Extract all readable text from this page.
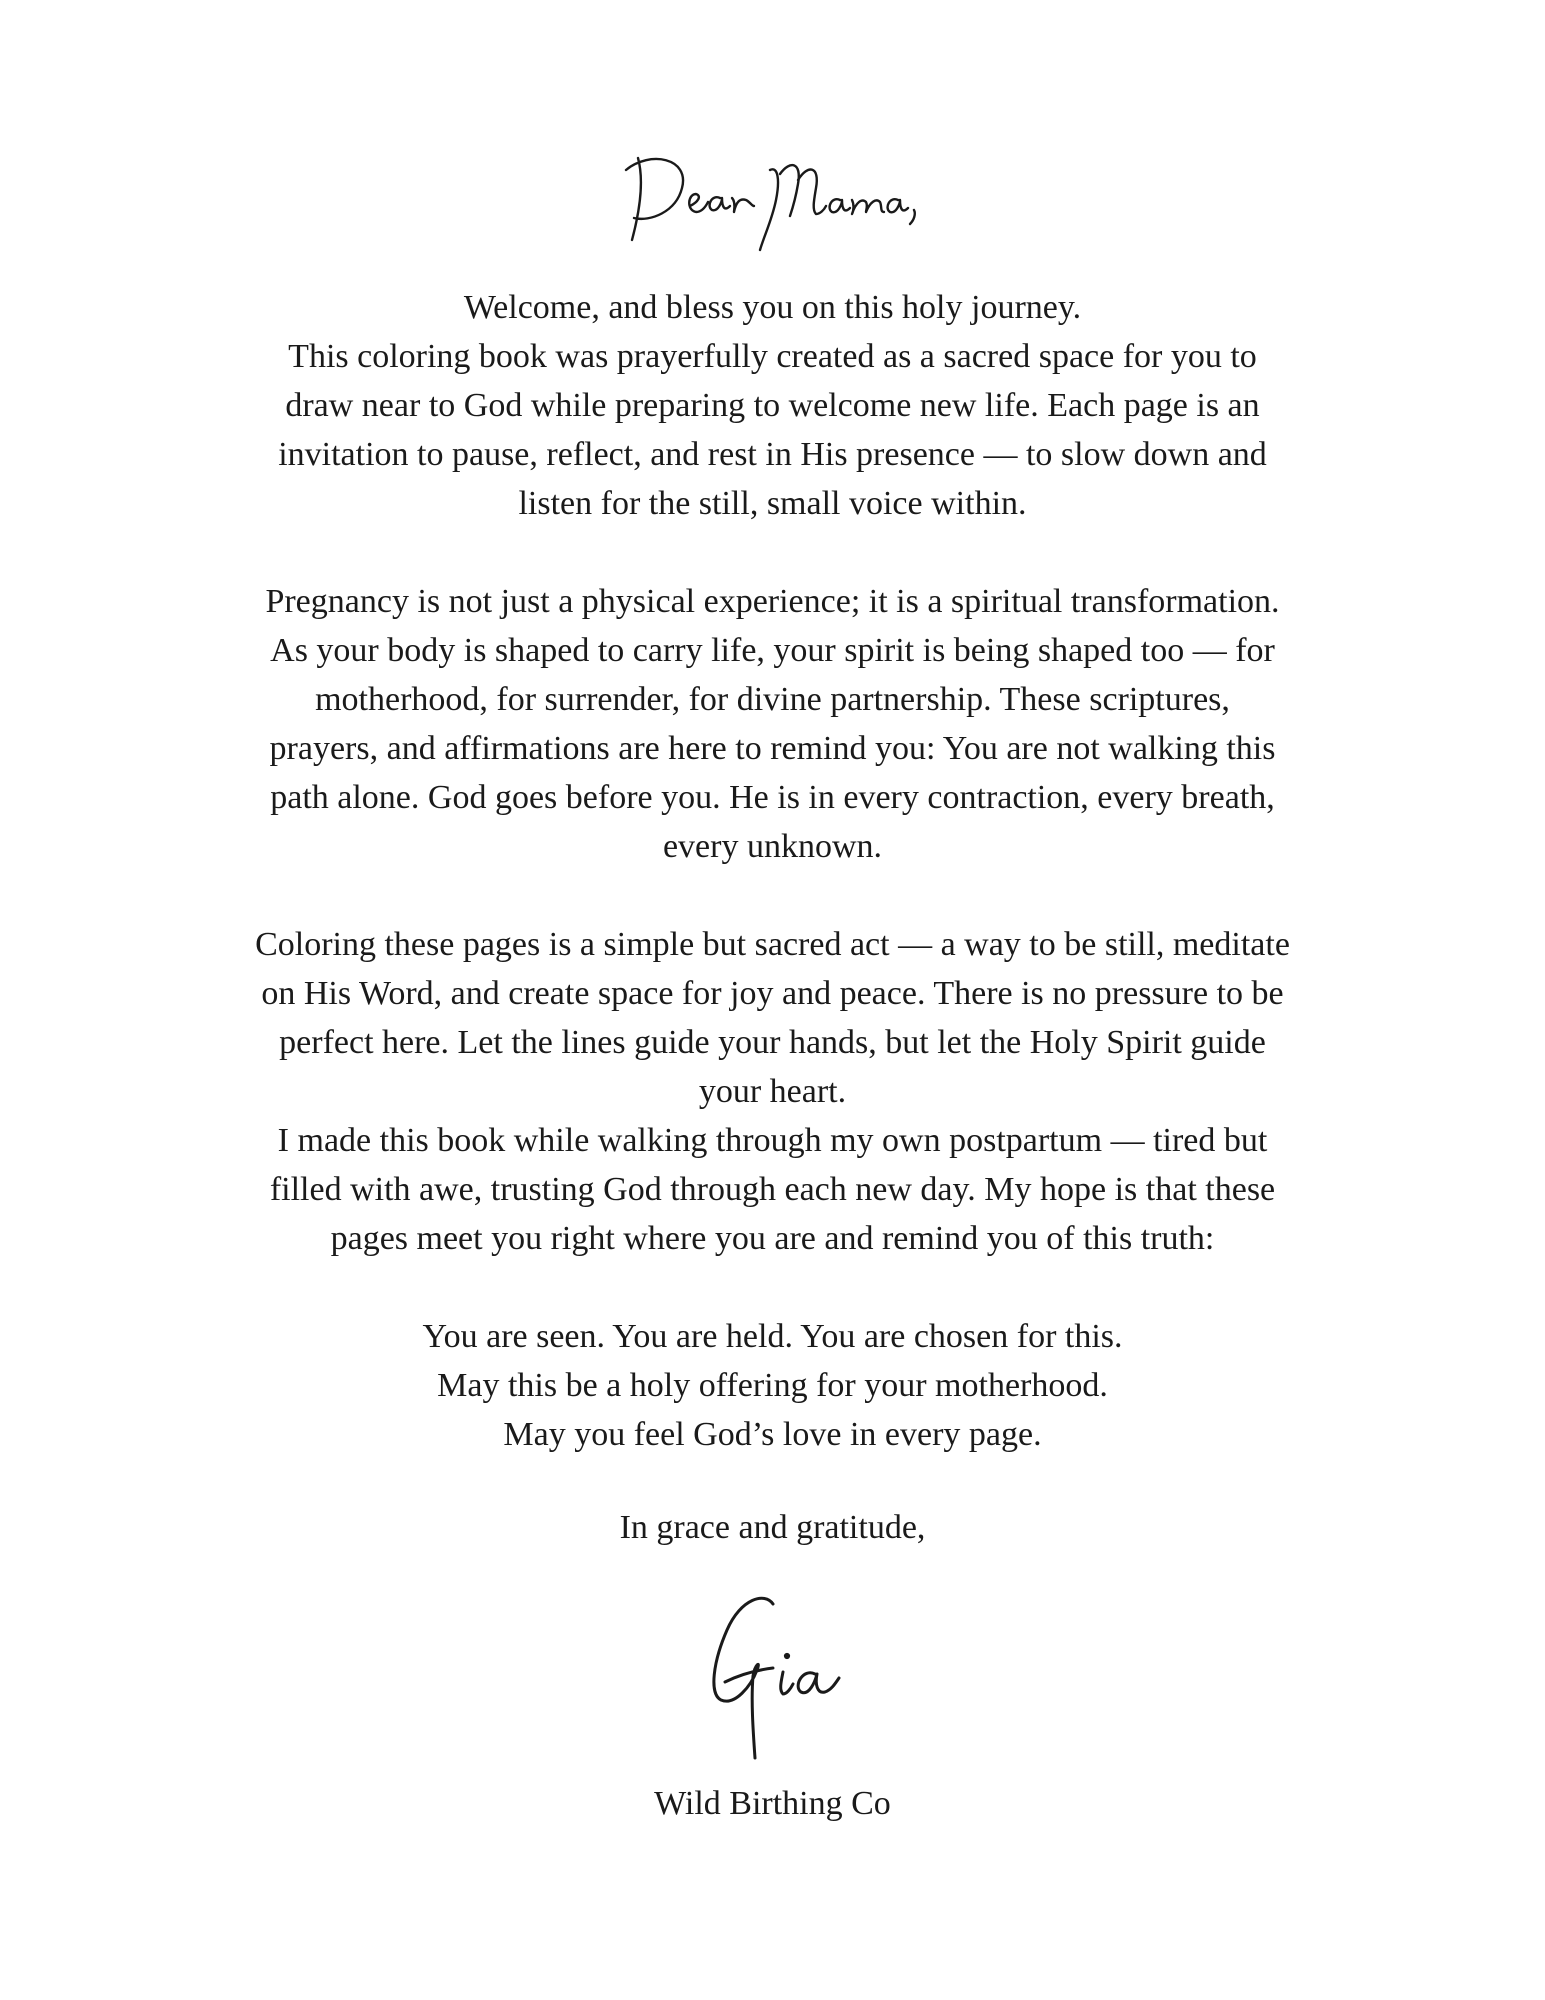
Welcome, and bless you on this holy journey.
This coloring book was prayerfully created as a sacred space for you to
draw near to God while preparing to welcome new life. Each page is an
invitation to pause, reflect, and rest in His presence — to slow down and
listen for the still, small voice within.
Pregnancy is not just a physical experience; it is a spiritual transformation.
As your body is shaped to carry life, your spirit is being shaped too — for
motherhood, for surrender, for divine partnership. These scriptures,
prayers, and affirmations are here to remind you: You are not walking this
path alone. God goes before you. He is in every contraction, every breath,
every unknown.
Coloring these pages is a simple but sacred act — a way to be still, meditate
on His Word, and create space for joy and peace. There is no pressure to be
perfect here. Let the lines guide your hands, but let the Holy Spirit guide
your heart.
I made this book while walking through my own postpartum — tired but
filled with awe, trusting God through each new day. My hope is that these
pages meet you right where you are and remind you of this truth:
You are seen. You are held. You are chosen for this.
May this be a holy offering for your motherhood.
May you feel God’s love in every page.
In grace and gratitude,
Wild Birthing Co
